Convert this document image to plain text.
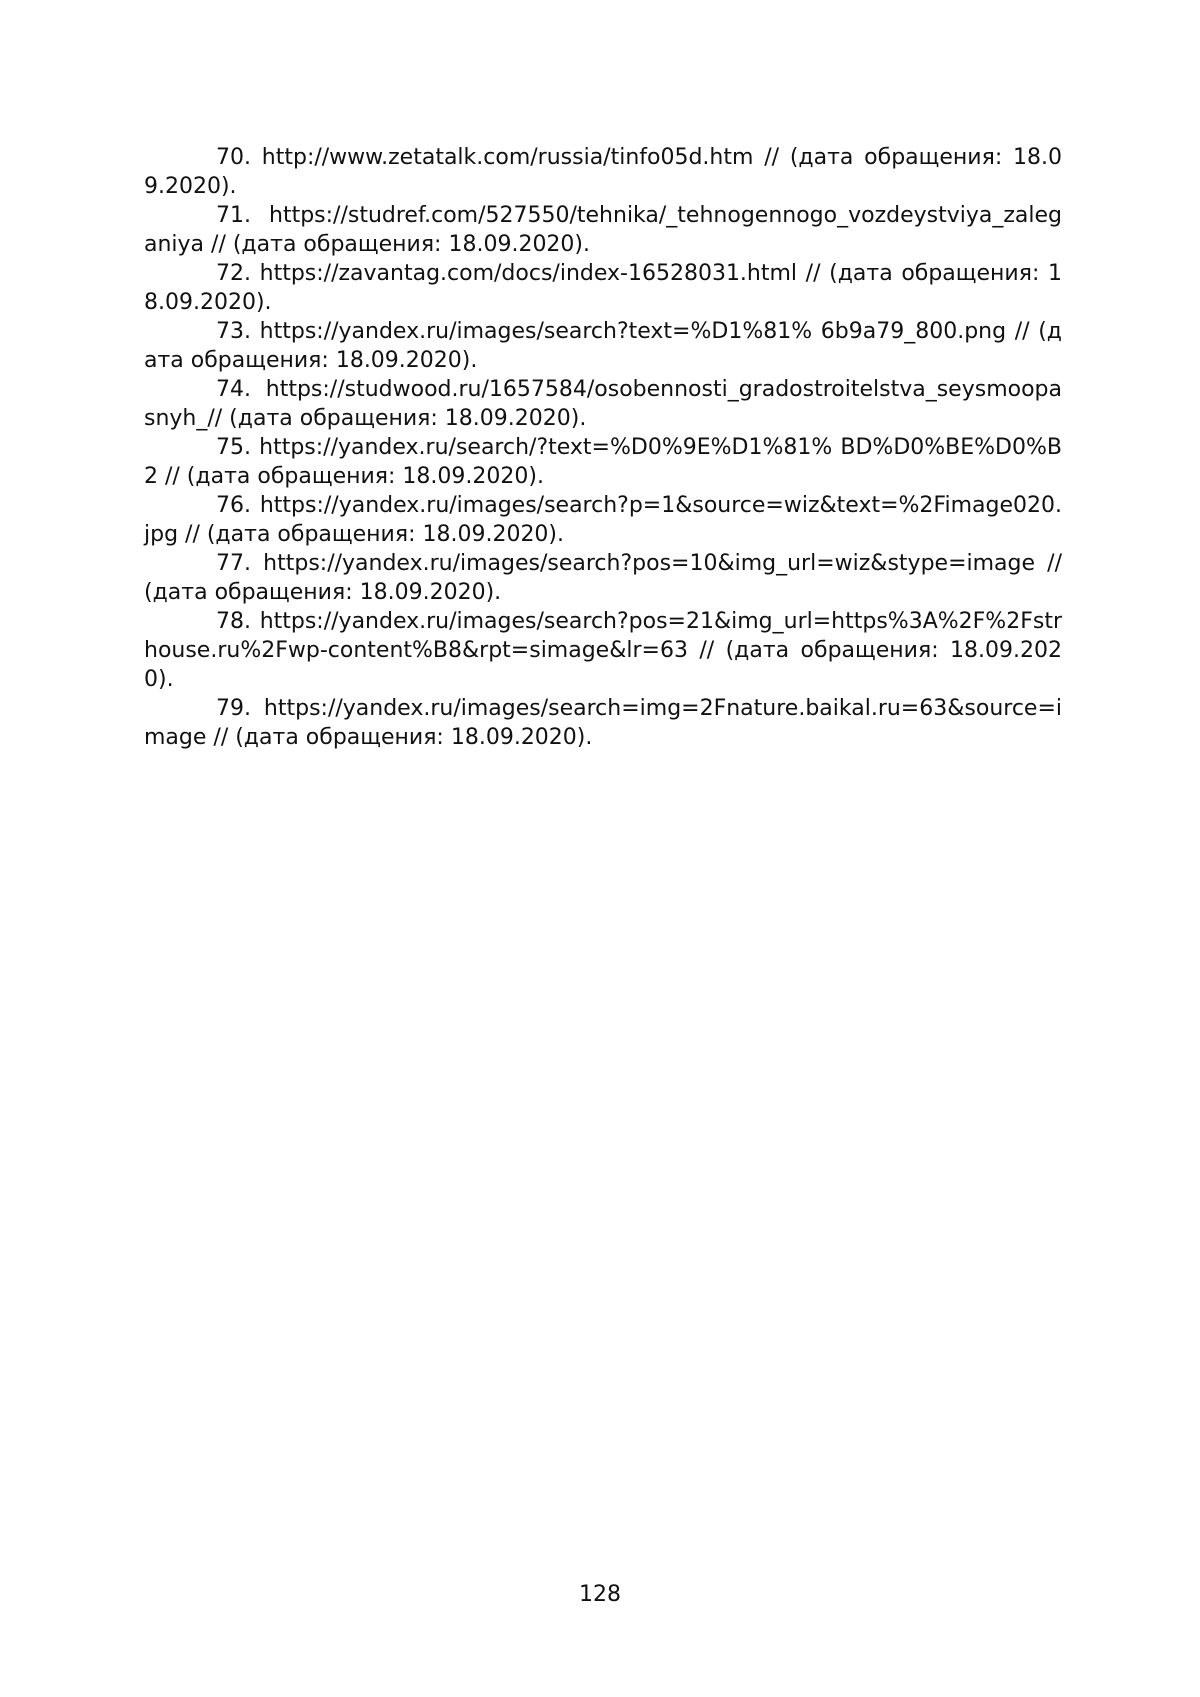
70. http://www.zetatalk.com/russia/tinfo05d.htm // (дата обращения: 18.09.2020).
71. https://studref.com/527550/tehnika/_tehnogennogo_vozdeystviya_zaleganiya // (дата обращения: 18.09.2020).
72. https://zavantag.com/docs/index-16528031.html // (дата обращения: 18.09.2020).
73. https://yandex.ru/images/search?text=%D1%81% 6b9a79_800.png // (дата обращения: 18.09.2020).
74. https://studwood.ru/1657584/osobennosti_gradostroitelstva_seysmoopasnyh_// (дата обращения: 18.09.2020).
75. https://yandex.ru/search/?text=%D0%9E%D1%81% BD%D0%BE%D0%B2 // (дата обращения: 18.09.2020).
76. https://yandex.ru/images/search?p=1&source=wiz&text=%2Fimage020.jpg // (дата обращения: 18.09.2020).
77. https://yandex.ru/images/search?pos=10&img_url=wiz&stype=image // (дата обращения: 18.09.2020).
78. https://yandex.ru/images/search?pos=21&img_url=https%3A%2F%2Fstrhouse.ru%2Fwp-content%B8&rpt=simage&lr=63 // (дата обращения: 18.09.2020).
79. https://yandex.ru/images/search=img=2Fnature.baikal.ru=63&source=image // (дата обращения: 18.09.2020).
128
